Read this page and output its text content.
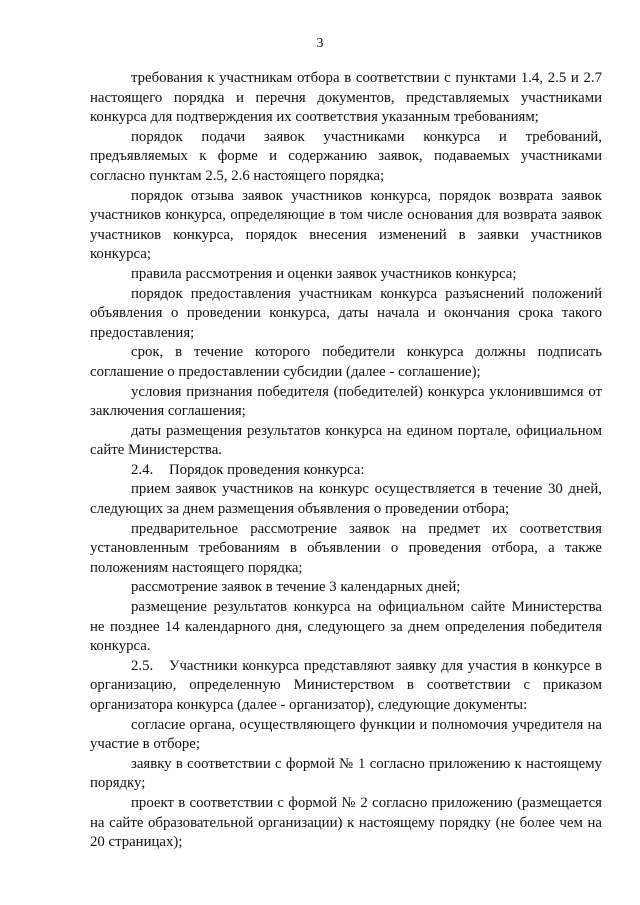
3

требования к участникам отбора в соответствии с пунктами 1.4, 2.5 и 2.7 настоящего порядка и перечня документов, представляемых участниками конкурса для подтверждения их соответствия указанным требованиям;

порядок подачи заявок участниками конкурса и требований, предъявляемых к форме и содержанию заявок, подаваемых участниками согласно пунктам 2.5, 2.6 настоящего порядка;

порядок отзыва заявок участников конкурса, порядок возврата заявок участников конкурса, определяющие в том числе основания для возврата заявок участников конкурса, порядок внесения изменений в заявки участников конкурса;

правила рассмотрения и оценки заявок участников конкурса;

порядок предоставления участникам конкурса разъяснений положений объявления о проведении конкурса, даты начала и окончания срока такого предоставления;

срок, в течение которого победители конкурса должны подписать соглашение о предоставлении субсидии (далее - соглашение);

условия признания победителя (победителей) конкурса уклонившимся от заключения соглашения;

даты размещения результатов конкурса на едином портале, официальном сайте Министерства.

2.4. Порядок проведения конкурса:

прием заявок участников на конкурс осуществляется в течение 30 дней, следующих за днем размещения объявления о проведении отбора;

предварительное рассмотрение заявок на предмет их соответствия установленным требованиям в объявлении о проведения отбора, а также положениям настоящего порядка;

рассмотрение заявок в течение 3 календарных дней;

размещение результатов конкурса на официальном сайте Министерства не позднее 14 календарного дня, следующего за днем определения победителя конкурса.

2.5. Участники конкурса представляют заявку для участия в конкурсе в организацию, определенную Министерством в соответствии с приказом организатора конкурса (далее - организатор), следующие документы:

согласие органа, осуществляющего функции и полномочия учредителя на участие в отборе;

заявку в соответствии с формой № 1 согласно приложению к настоящему порядку;

проект в соответствии с формой № 2 согласно приложению (размещается на сайте образовательной организации) к настоящему порядку (не более чем на 20 страницах);
